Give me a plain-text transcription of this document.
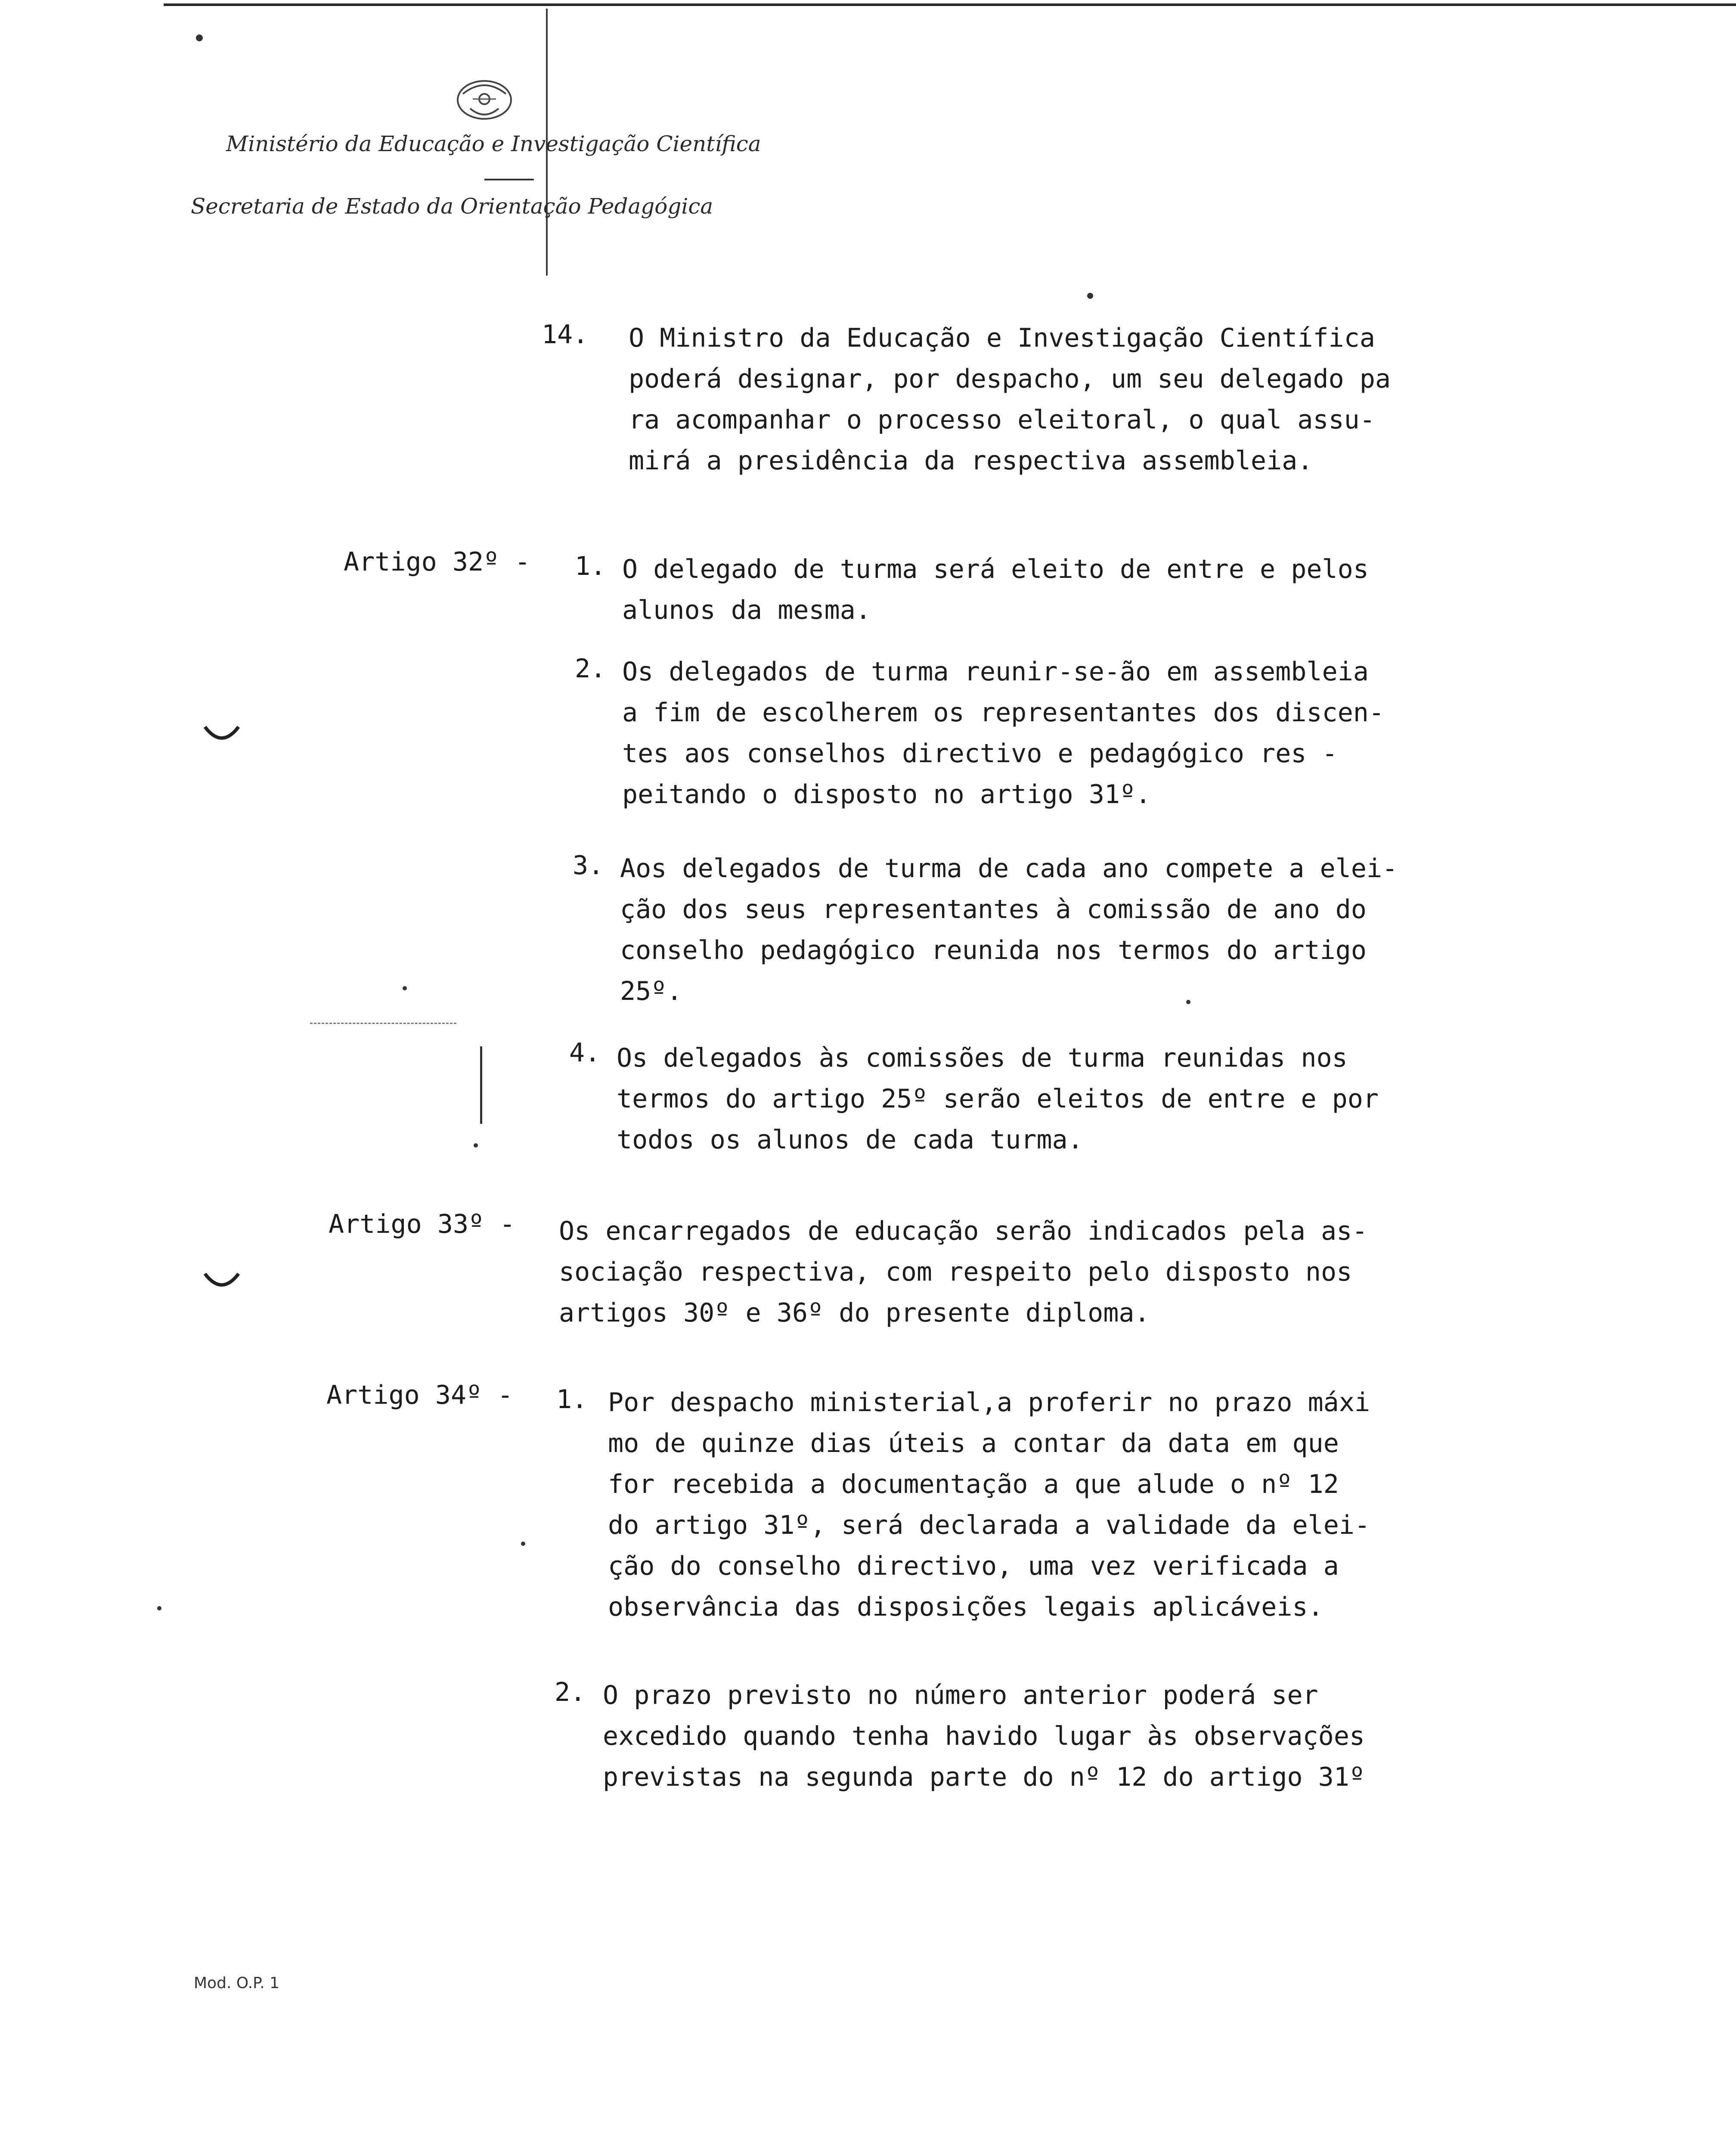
Ministério da Educação e Investigação Científica
Secretaria de Estado da Orientação Pedagógica
14. O Ministro da Educação e Investigação Científica
poderá designar, por despacho, um seu delegado pa
ra acompanhar o processo eleitoral, o qual assu-
mirá a presidência da respectiva assembleia.
Artigo 32º - 1. O delegado de turma será eleito de entre e pelos
alunos da mesma.
2. Os delegados de turma reunir-se-ão em assembleia
a fim de escolherem os representantes dos discen-
tes aos conselhos directivo e pedagógico res -
peitando o disposto no artigo 31º.
3. Aos delegados de turma de cada ano compete a elei-
ção dos seus representantes à comissão de ano do
conselho pedagógico reunida nos termos do artigo
25º.
4. Os delegados às comissões de turma reunidas nos
termos do artigo 25º serão eleitos de entre e por
todos os alunos de cada turma.
Artigo 33º - Os encarregados de educação serão indicados pela as-
sociação respectiva, com respeito pelo disposto nos
artigos 30º e 36º do presente diploma.
Artigo 34º - 1. Por despacho ministerial,a proferir no prazo máxi
mo de quinze dias úteis a contar da data em que
for recebida a documentação a que alude o nº 12
do artigo 31º, será declarada a validade da elei-
ção do conselho directivo, uma vez verificada a
observância das disposições legais aplicáveis.
2. O prazo previsto no número anterior poderá ser
excedido quando tenha havido lugar às observações
previstas na segunda parte do nº 12 do artigo 31º
Mod. O.P. 1
